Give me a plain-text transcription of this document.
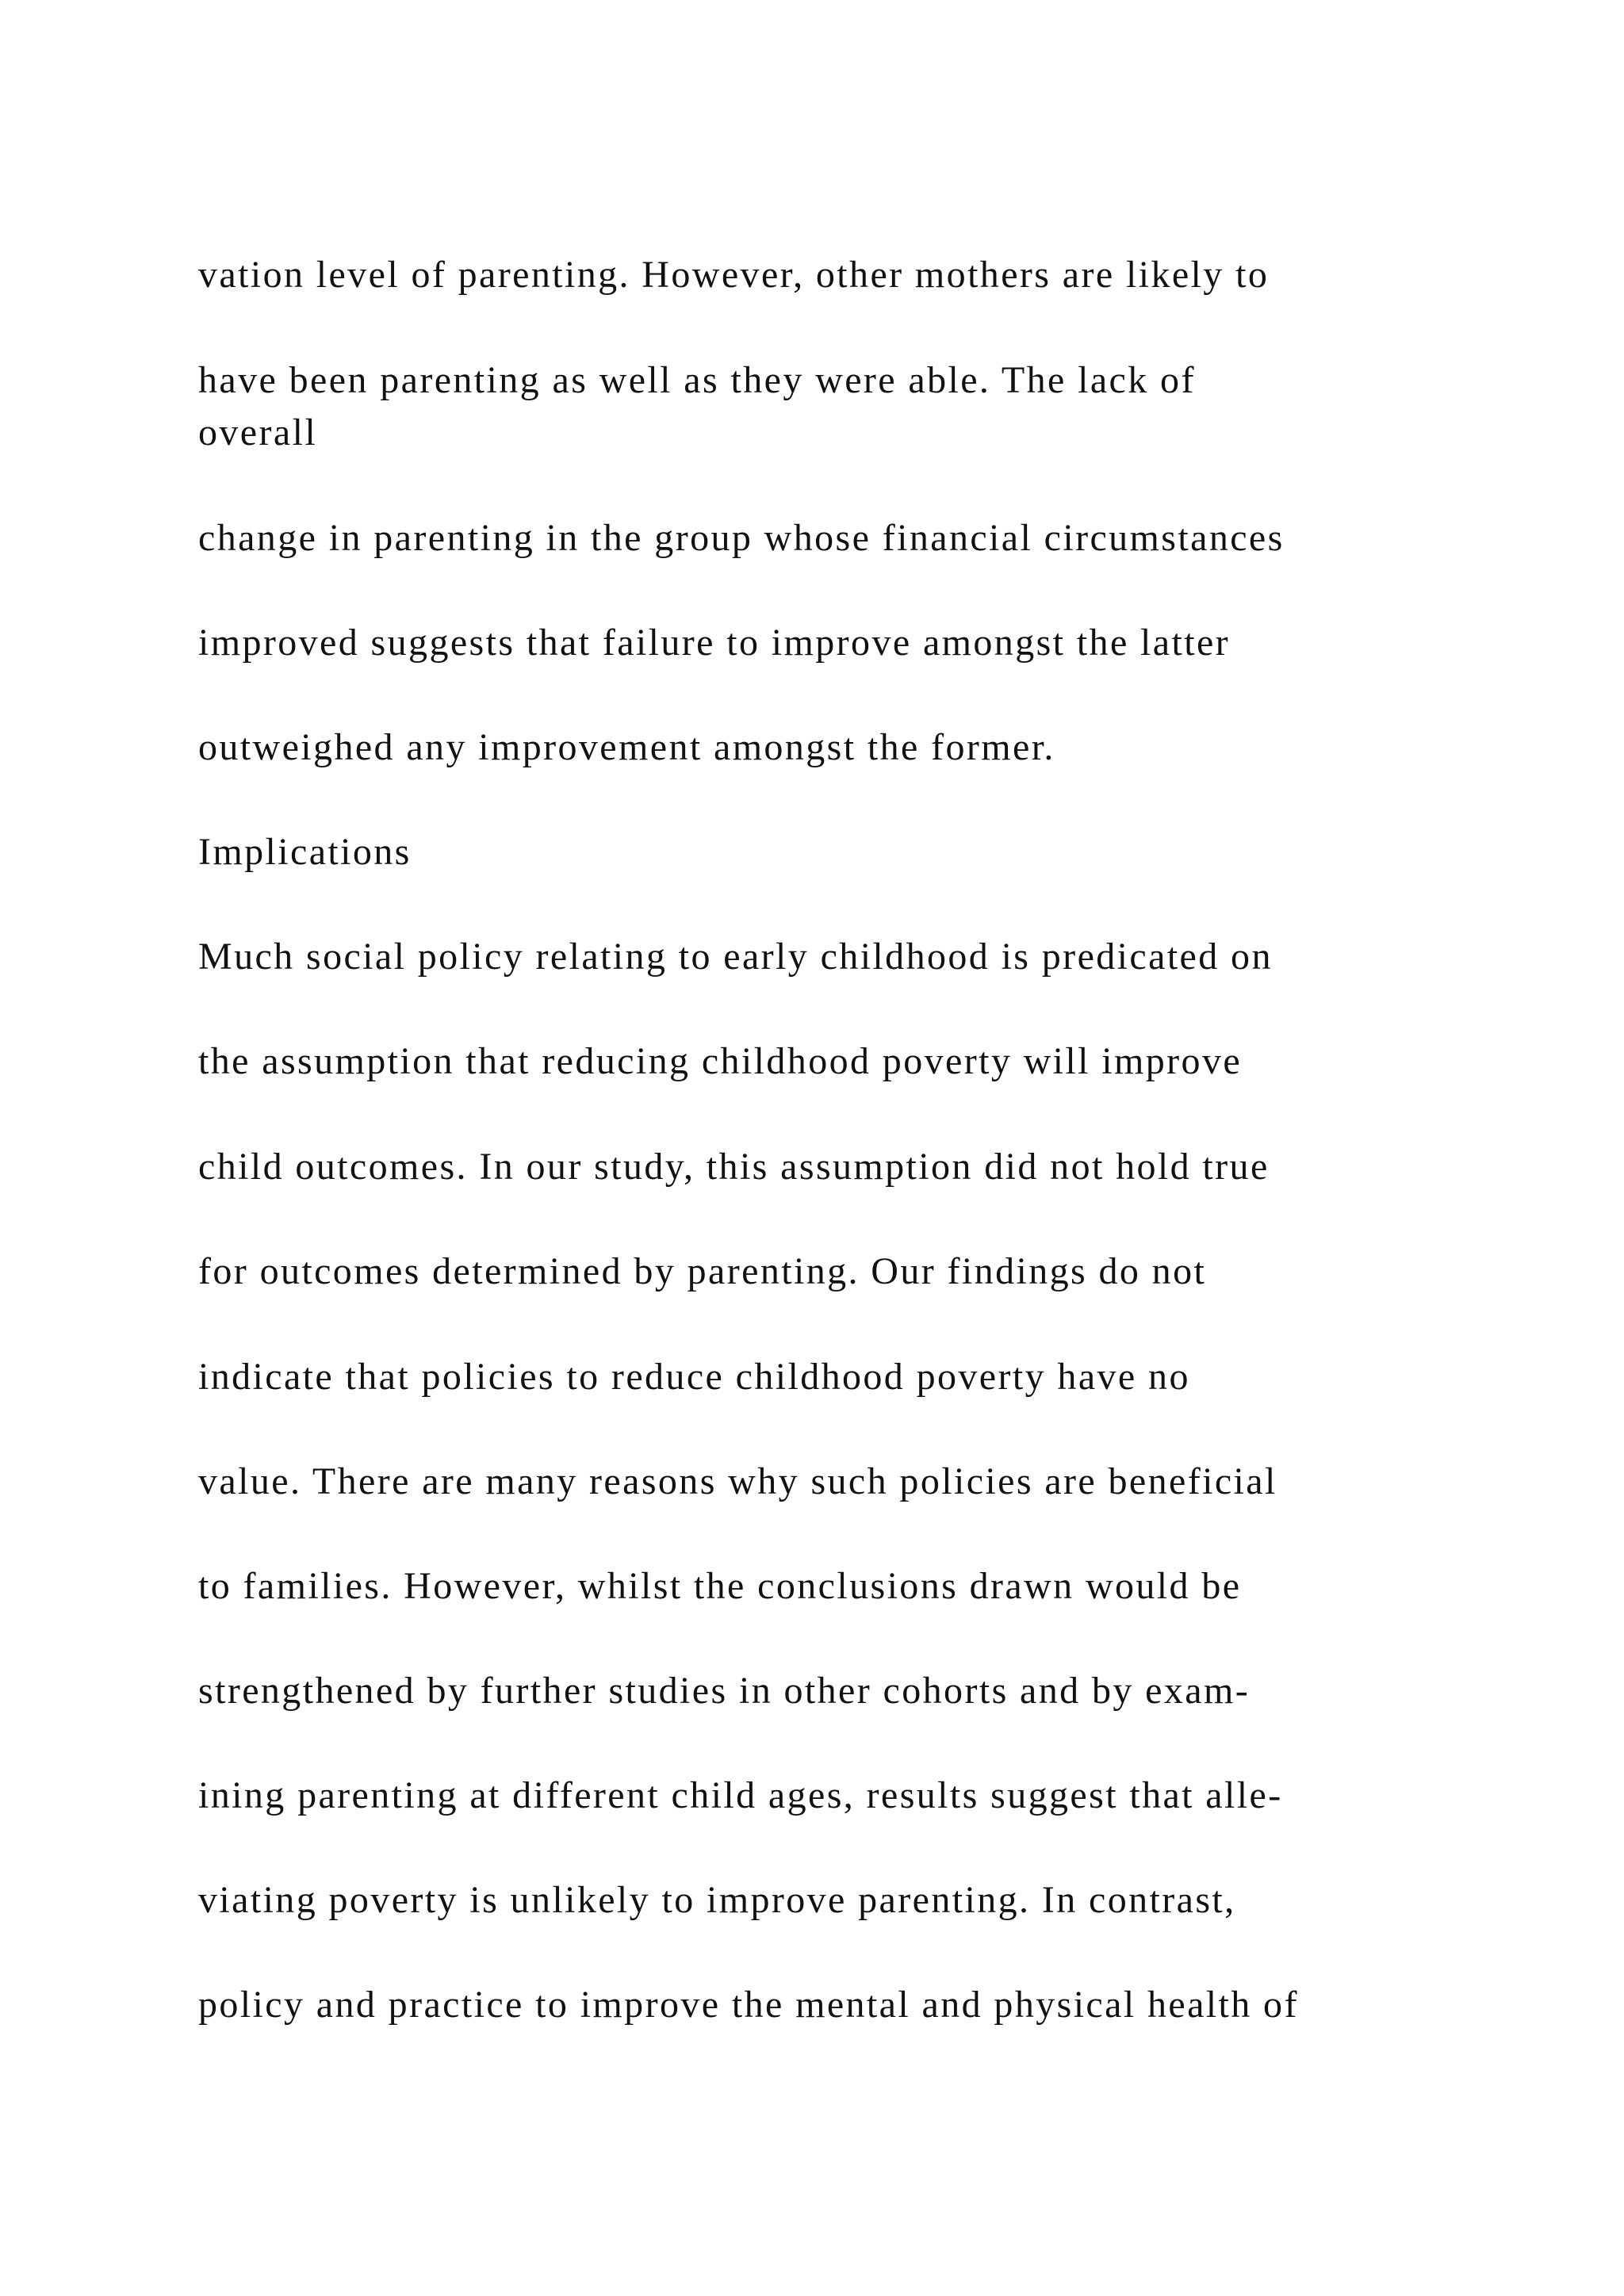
vation level of parenting. However, other mothers are likely to

have been parenting as well as they were able. The lack of

overall

change in parenting in the group whose financial circumstances

improved suggests that failure to improve amongst the latter

outweighed any improvement amongst the former.

Implications

Much social policy relating to early childhood is predicated on

the assumption that reducing childhood poverty will improve

child outcomes. In our study, this assumption did not hold true

for outcomes determined by parenting. Our findings do not

indicate that policies to reduce childhood poverty have no

value. There are many reasons why such policies are beneficial

to families. However, whilst the conclusions drawn would be

strengthened by further studies in other cohorts and by exam-

ining parenting at different child ages, results suggest that alle-

viating poverty is unlikely to improve parenting. In contrast,

policy and practice to improve the mental and physical health of
